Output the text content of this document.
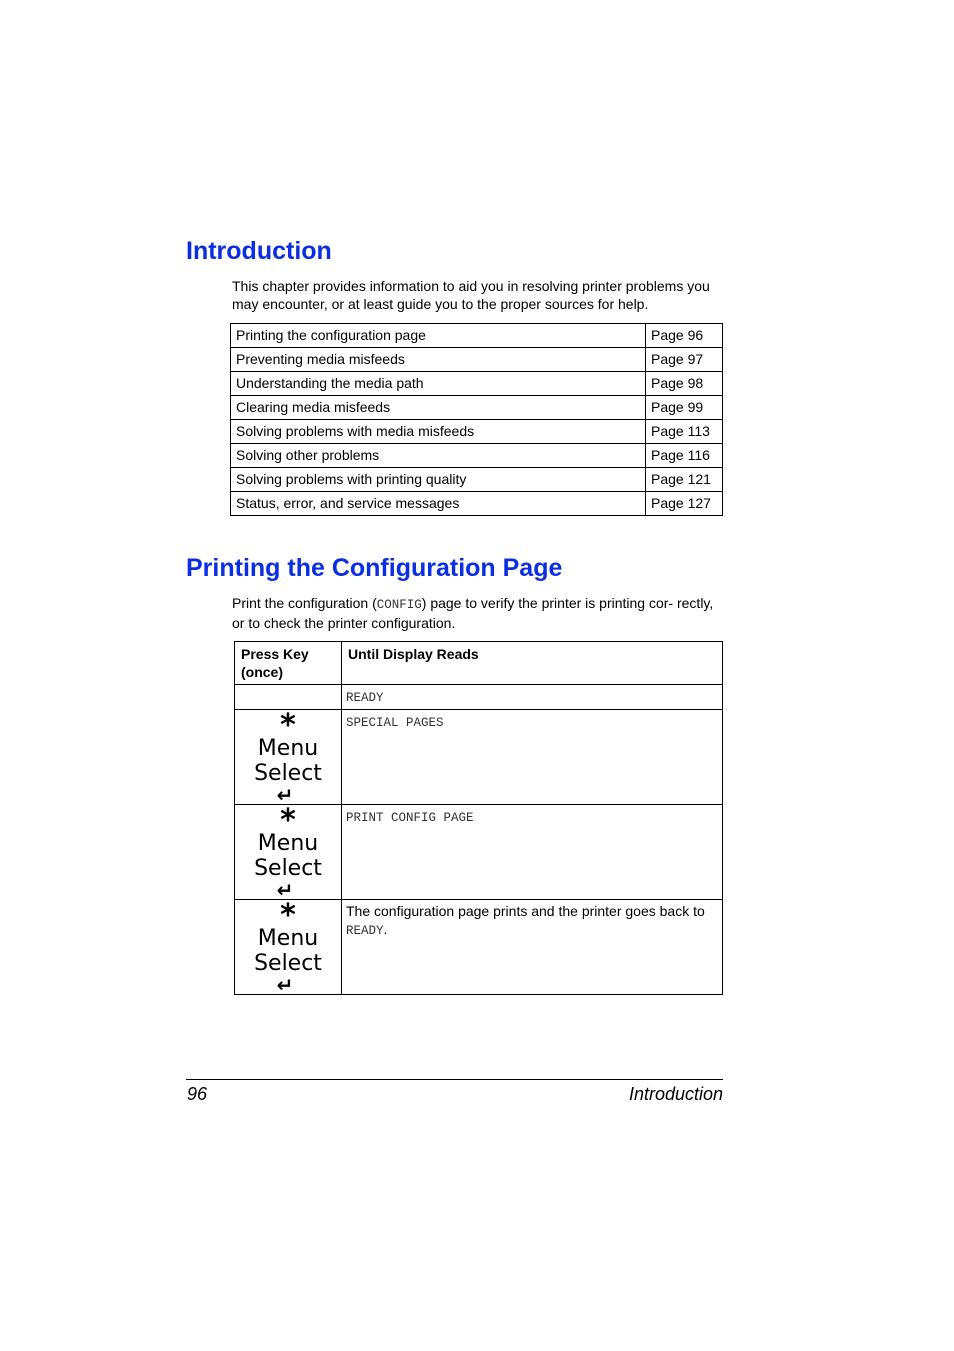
Introduction

This chapter provides information to aid you in resolving printer problems you may encounter, or at least guide you to the proper sources for help.

Printing the configuration page	Page 96
Preventing media misfeeds	Page 97
Understanding the media path	Page 98
Clearing media misfeeds	Page 99
Solving problems with media misfeeds	Page 113
Solving other problems	Page 116
Solving problems with printing quality	Page 121
Status, error, and service messages	Page 127
Printing the Configuration Page

Print the configuration (CONFIG) page to verify the printer is printing cor- rectly, or to check the printer configuration.

Press Key (once)	Until Display Reads
	READY

*
Menu
Select
↵	SPECIAL PAGES

*
Menu
Select
↵	PRINT CONFIG PAGE

*
Menu
Select
↵	The configuration page prints and the printer goes back to READY.
96	Introduction
